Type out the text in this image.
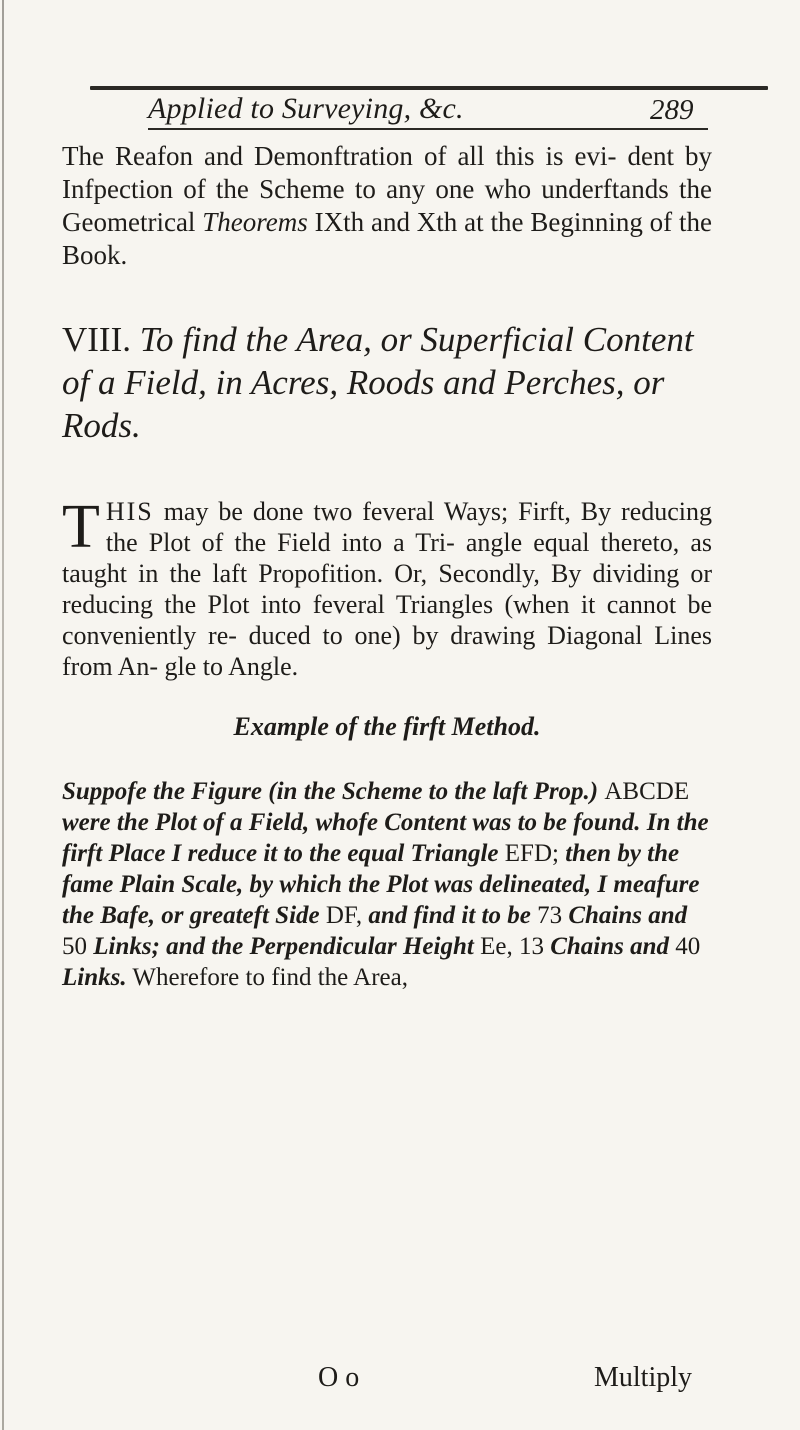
Applied to Surveying, &c.	289
The Reafon and Demonftration of all this is evi- dent by Infpection of the Scheme to any one who underftands the Geometrical Theorems IXth and Xth at the Beginning of the Book.
VIII. To find the Area, or Superficial Content of a Field, in Acres, Roods and Perches, or Rods.
THIS may be done two feveral Ways; Firft, By reducing the Plot of the Field into a Tri- angle equal thereto, as taught in the laft Propofition. Or, Secondly, By dividing or reducing the Plot into feveral Triangles (when it cannot be conveniently re- duced to one) by drawing Diagonal Lines from An- gle to Angle.
Example of the firft Method.
Suppofe the Figure (in the Scheme to the laft Prop.) ABCDE were the Plot of a Field, whofe Content was to be found. In the firft Place I reduce it to the equal Triangle EFD; then by the fame Plain Scale, by which the Plot was delineated, I meafure the Bafe, or greateft Side DF, and find it to be 73 Chains and 50 Links; and the Perpendicular Height Ee, 13 Chains and 40 Links. Wherefore to find the Area,
O o	Multiply
